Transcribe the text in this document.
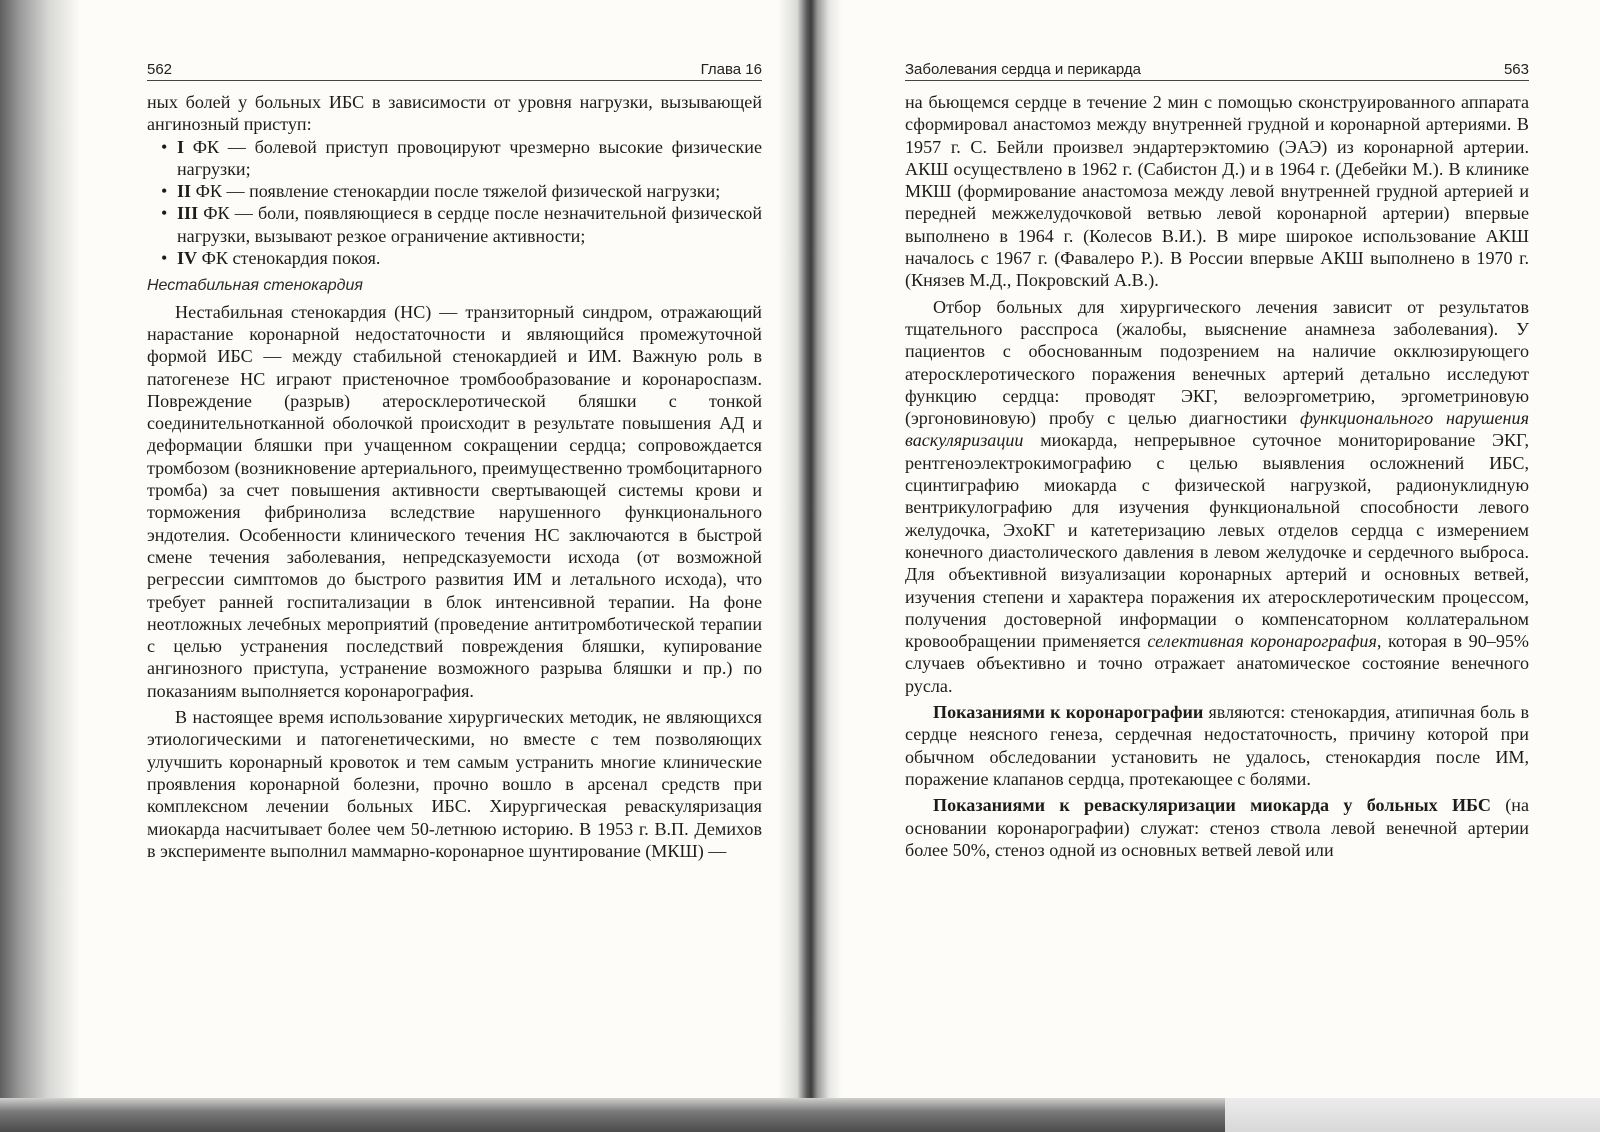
562	Глава 16

ных болей у больных ИБС в зависимости от уровня нагрузки, вызывающей ангинозный приступ:

• I ФК — болевой приступ провоцируют чрезмерно высокие физические нагрузки;
• II ФК — появление стенокардии после тяжелой физической нагрузки;
• III ФК — боли, появляющиеся в сердце после незначительной физической нагрузки, вызывают резкое ограничение активности;
• IV ФК стенокардия покоя.
Нестабильная стенокардия

Нестабильная стенокардия (НС) — транзиторный синдром, отражающий нарастание коронарной недостаточности и являющийся промежуточной формой ИБС — между стабильной стенокардией и ИМ. Важную роль в патогенезе НС играют пристеночное тромбообразование и коронароспазм. Повреждение (разрыв) атеросклеротической бляшки с тонкой соединительнотканной оболочкой происходит в результате повышения АД и деформации бляшки при учащенном сокращении сердца; сопровождается тромбозом (возникновение артериального, преимущественно тромбоцитарного тромба) за счет повышения активности свертывающей системы крови и торможения фибринолиза вследствие нарушенного функционального эндотелия. Особенности клинического течения НС заключаются в быстрой смене течения заболевания, непредсказуемости исхода (от возможной регрессии симптомов до быстрого развития ИМ и летального исхода), что требует ранней госпитализации в блок интенсивной терапии. На фоне неотложных лечебных мероприятий (проведение антитромботической терапии с целью устранения последствий повреждения бляшки, купирование ангинозного приступа, устранение возможного разрыва бляшки и пр.) по показаниям выполняется коронарография.

В настоящее время использование хирургических методик, не являющихся этиологическими и патогенетическими, но вместе с тем позволяющих улучшить коронарный кровоток и тем самым устранить многие клинические проявления коронарной болезни, прочно вошло в арсенал средств при комплексном лечении больных ИБС. Хирургическая реваскуляризация миокарда насчитывает более чем 50-летнюю историю. В 1953 г. В.П. Демихов в эксперименте выполнил маммарно-коронарное шунтирование (МКШ) —

Заболевания сердца и перикарда	563

на бьющемся сердце в течение 2 мин с помощью сконструированного аппарата сформировал анастомоз между внутренней грудной и коронарной артериями. В 1957 г. С. Бейли произвел эндартерэктомию (ЭАЭ) из коронарной артерии. АКШ осуществлено в 1962 г. (Сабистон Д.) и в 1964 г. (Дебейки М.). В клинике МКШ (формирование анастомоза между левой внутренней грудной артерией и передней межжелудочковой ветвью левой коронарной артерии) впервые выполнено в 1964 г. (Колесов В.И.). В мире широкое использование АКШ началось с 1967 г. (Фавалеро Р.). В России впервые АКШ выполнено в 1970 г. (Князев М.Д., Покровский А.В.).

Отбор больных для хирургического лечения зависит от результатов тщательного расспроса (жалобы, выяснение анамнеза заболевания). У пациентов с обоснованным подозрением на наличие окклюзирующего атеросклеротического поражения венечных артерий детально исследуют функцию сердца: проводят ЭКГ, велоэргометрию, эргометриновую (эргоновиновую) пробу с целью диагностики функционального нарушения васкуляризации миокарда, непрерывное суточное мониторирование ЭКГ, рентгеноэлектрокимографию с целью выявления осложнений ИБС, сцинтиграфию миокарда с физической нагрузкой, радионуклидную вентрикулографию для изучения функциональной способности левого желудочка, ЭхоКГ и катетеризацию левых отделов сердца с измерением конечного диастолического давления в левом желудочке и сердечного выброса. Для объективной визуализации коронарных артерий и основных ветвей, изучения степени и характера поражения их атеросклеротическим процессом, получения достоверной информации о компенсаторном коллатеральном кровообращении применяется селективная коронарография, которая в 90–95% случаев объективно и точно отражает анатомическое состояние венечного русла.

Показаниями к коронарографии являются: стенокардия, атипичная боль в сердце неясного генеза, сердечная недостаточность, причину которой при обычном обследовании установить не удалось, стенокардия после ИМ, поражение клапанов сердца, протекающее с болями.

Показаниями к реваскуляризации миокарда у больных ИБС (на основании коронарографии) служат: стеноз ствола левой венечной артерии более 50%, стеноз одной из основных ветвей левой или
